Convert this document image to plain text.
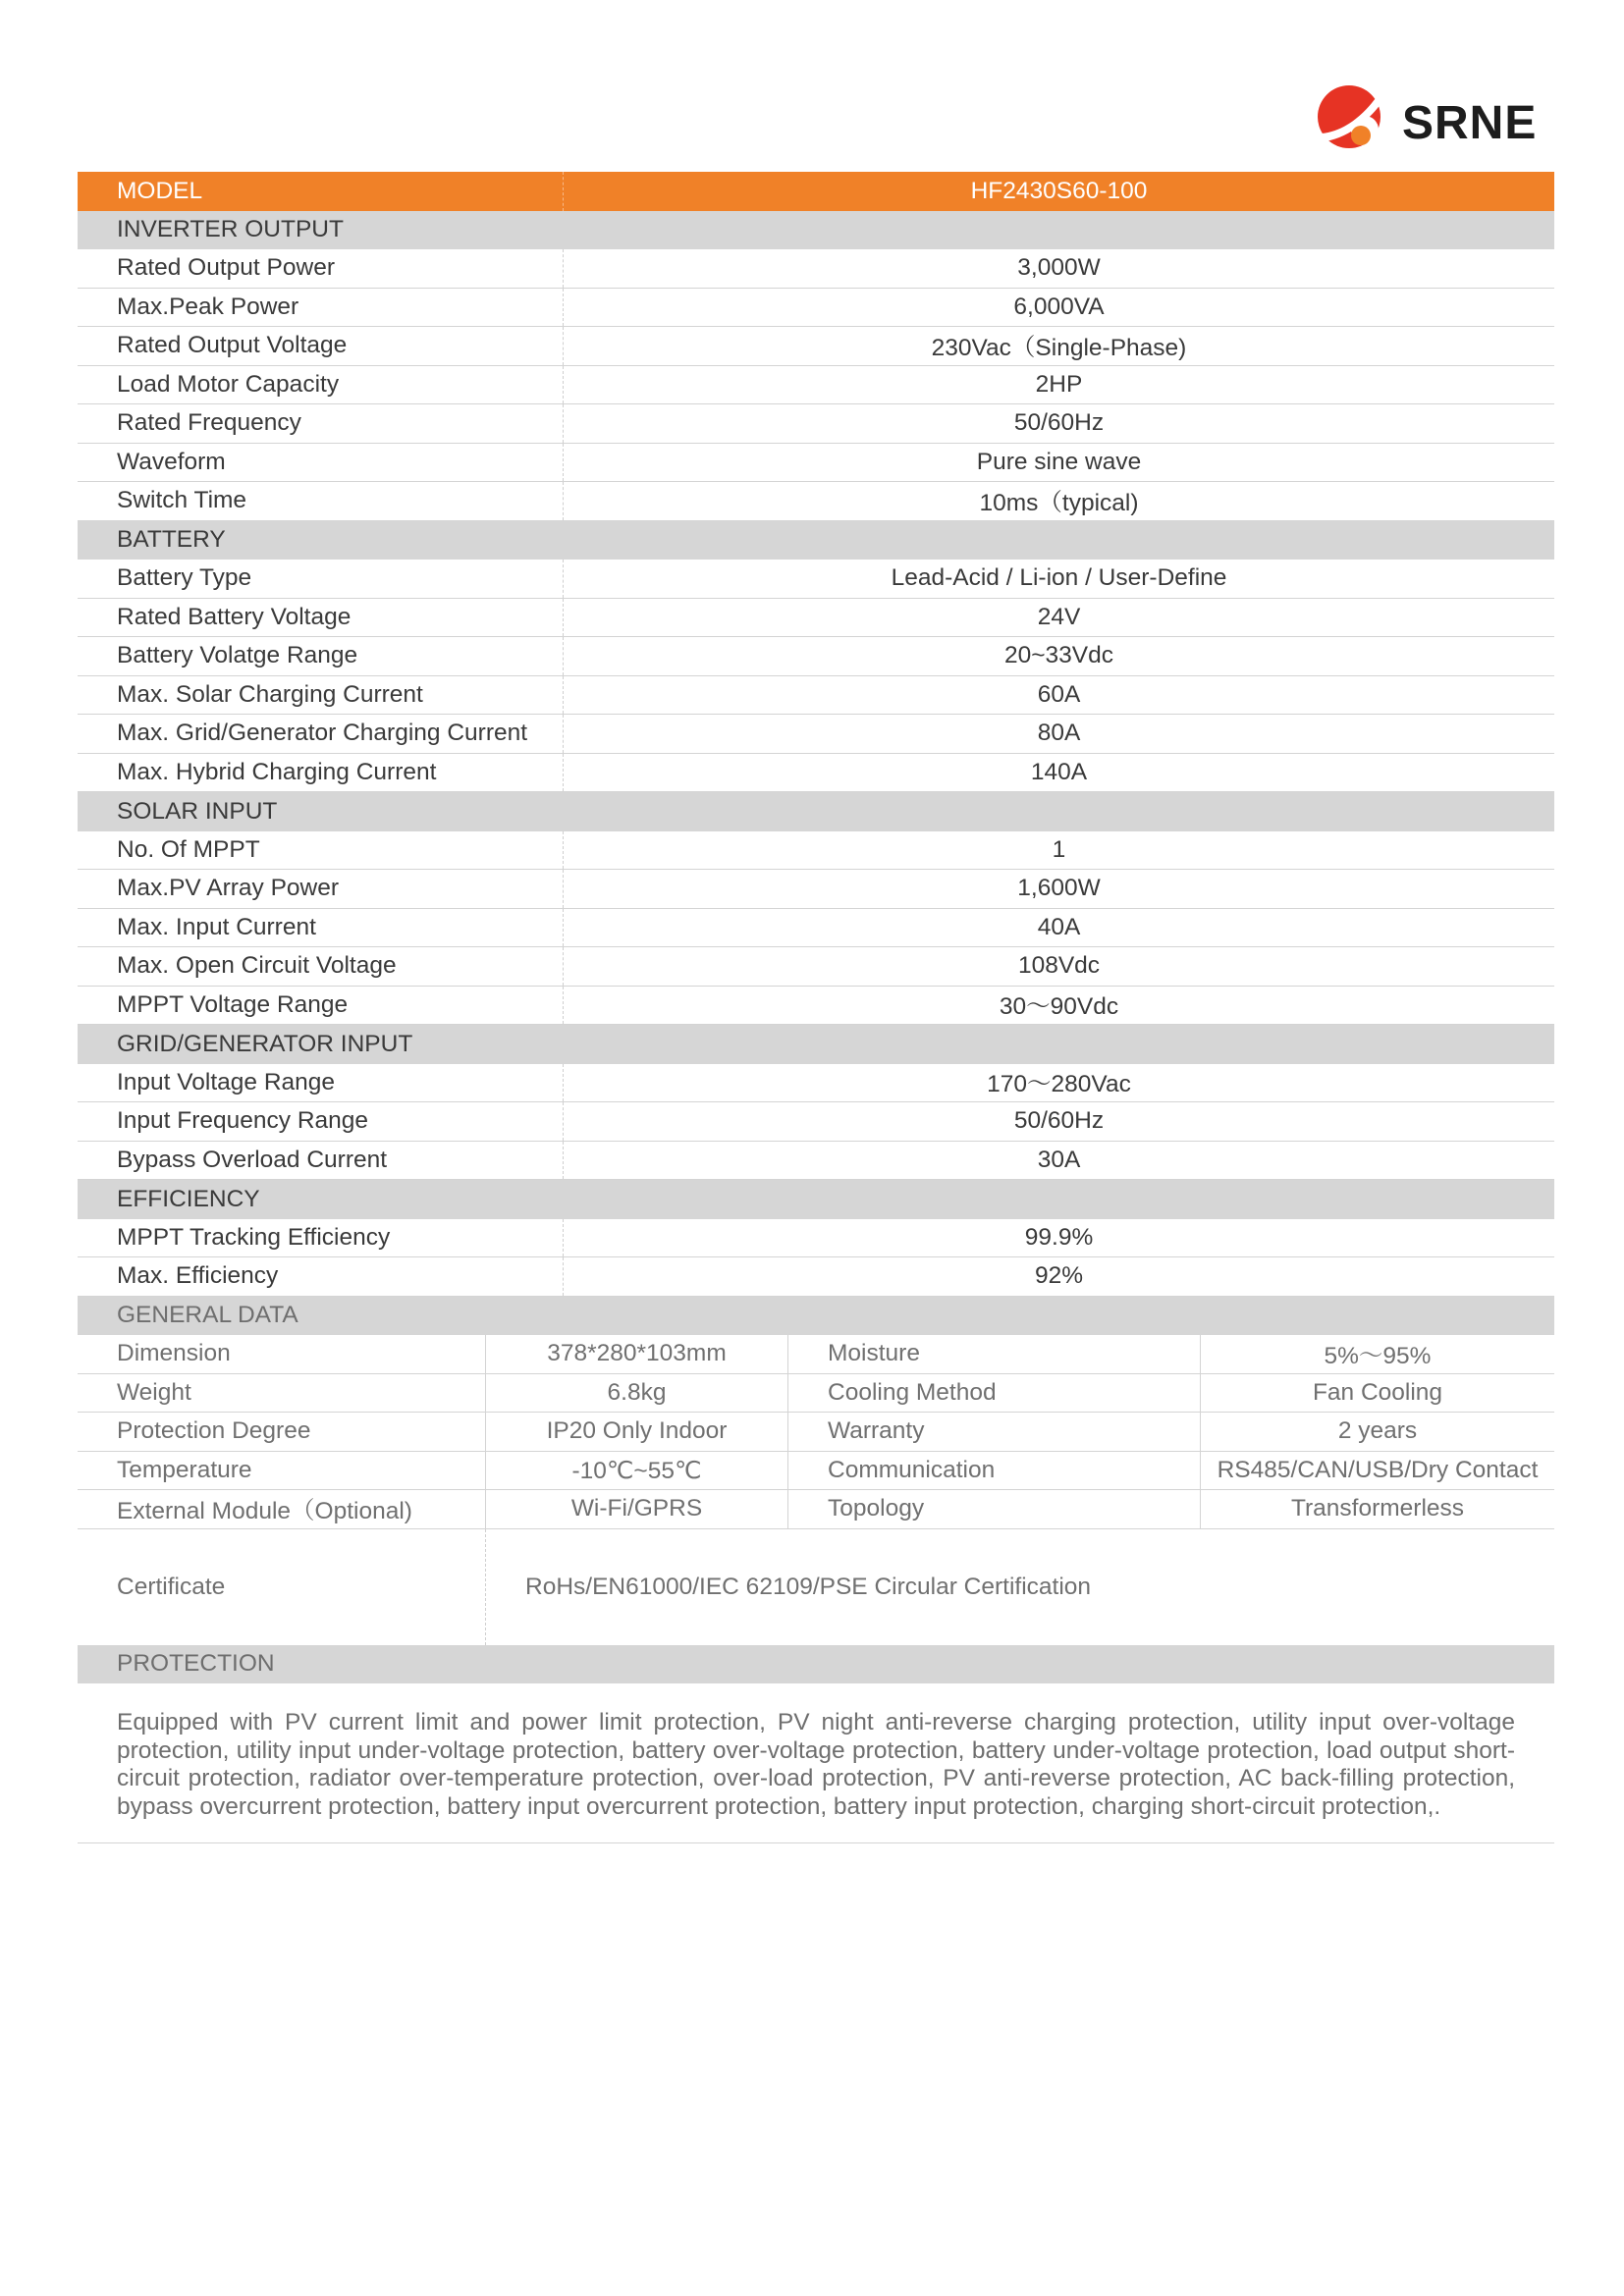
SRNE
MODEL	HF2430S60-100
INVERTER OUTPUT
Rated Output Power	3,000W
Max.Peak Power	6,000VA
Rated Output Voltage	230Vac（Single-Phase)
Load Motor Capacity	2HP
Rated Frequency	50/60Hz
Waveform	Pure sine wave
Switch Time	10ms（typical)
BATTERY
Battery Type	Lead-Acid / Li-ion / User-Define
Rated Battery Voltage	24V
Battery Volatge Range	20~33Vdc
Max. Solar Charging Current	60A
Max. Grid/Generator Charging Current	80A
Max. Hybrid Charging Current	140A
SOLAR INPUT
No. Of MPPT	1
Max.PV Array Power	1,600W
Max. Input Current	40A
Max. Open Circuit Voltage	108Vdc
MPPT Voltage Range	30～90Vdc
GRID/GENERATOR INPUT
Input Voltage Range	170～280Vac
Input Frequency Range	50/60Hz
Bypass Overload Current	30A
EFFICIENCY
MPPT Tracking Efficiency	99.9%
Max. Efficiency	92%
GENERAL DATA
Dimension	378*280*103mm	Moisture	5%～95%
Weight	6.8kg	Cooling Method	Fan Cooling
Protection Degree	IP20 Only Indoor	Warranty	2 years
Temperature	-10℃~55℃	Communication	RS485/CAN/USB/Dry Contact
External Module（Optional)	Wi-Fi/GPRS	Topology	Transformerless
Certificate	RoHs/EN61000/IEC 62109/PSE Circular Certification
PROTECTION
Equipped with PV current limit and power limit protection, PV night anti-reverse charging protection, utility input over-voltage protection, utility input under-voltage protection, battery over-voltage protection, battery under-voltage protection, load output short-circuit protection, radiator over-temperature protection, over-load protection, PV anti-reverse protection, AC back-filling protection, bypass overcurrent protection, battery input overcurrent protection, battery input protection, charging short-circuit protection,.
